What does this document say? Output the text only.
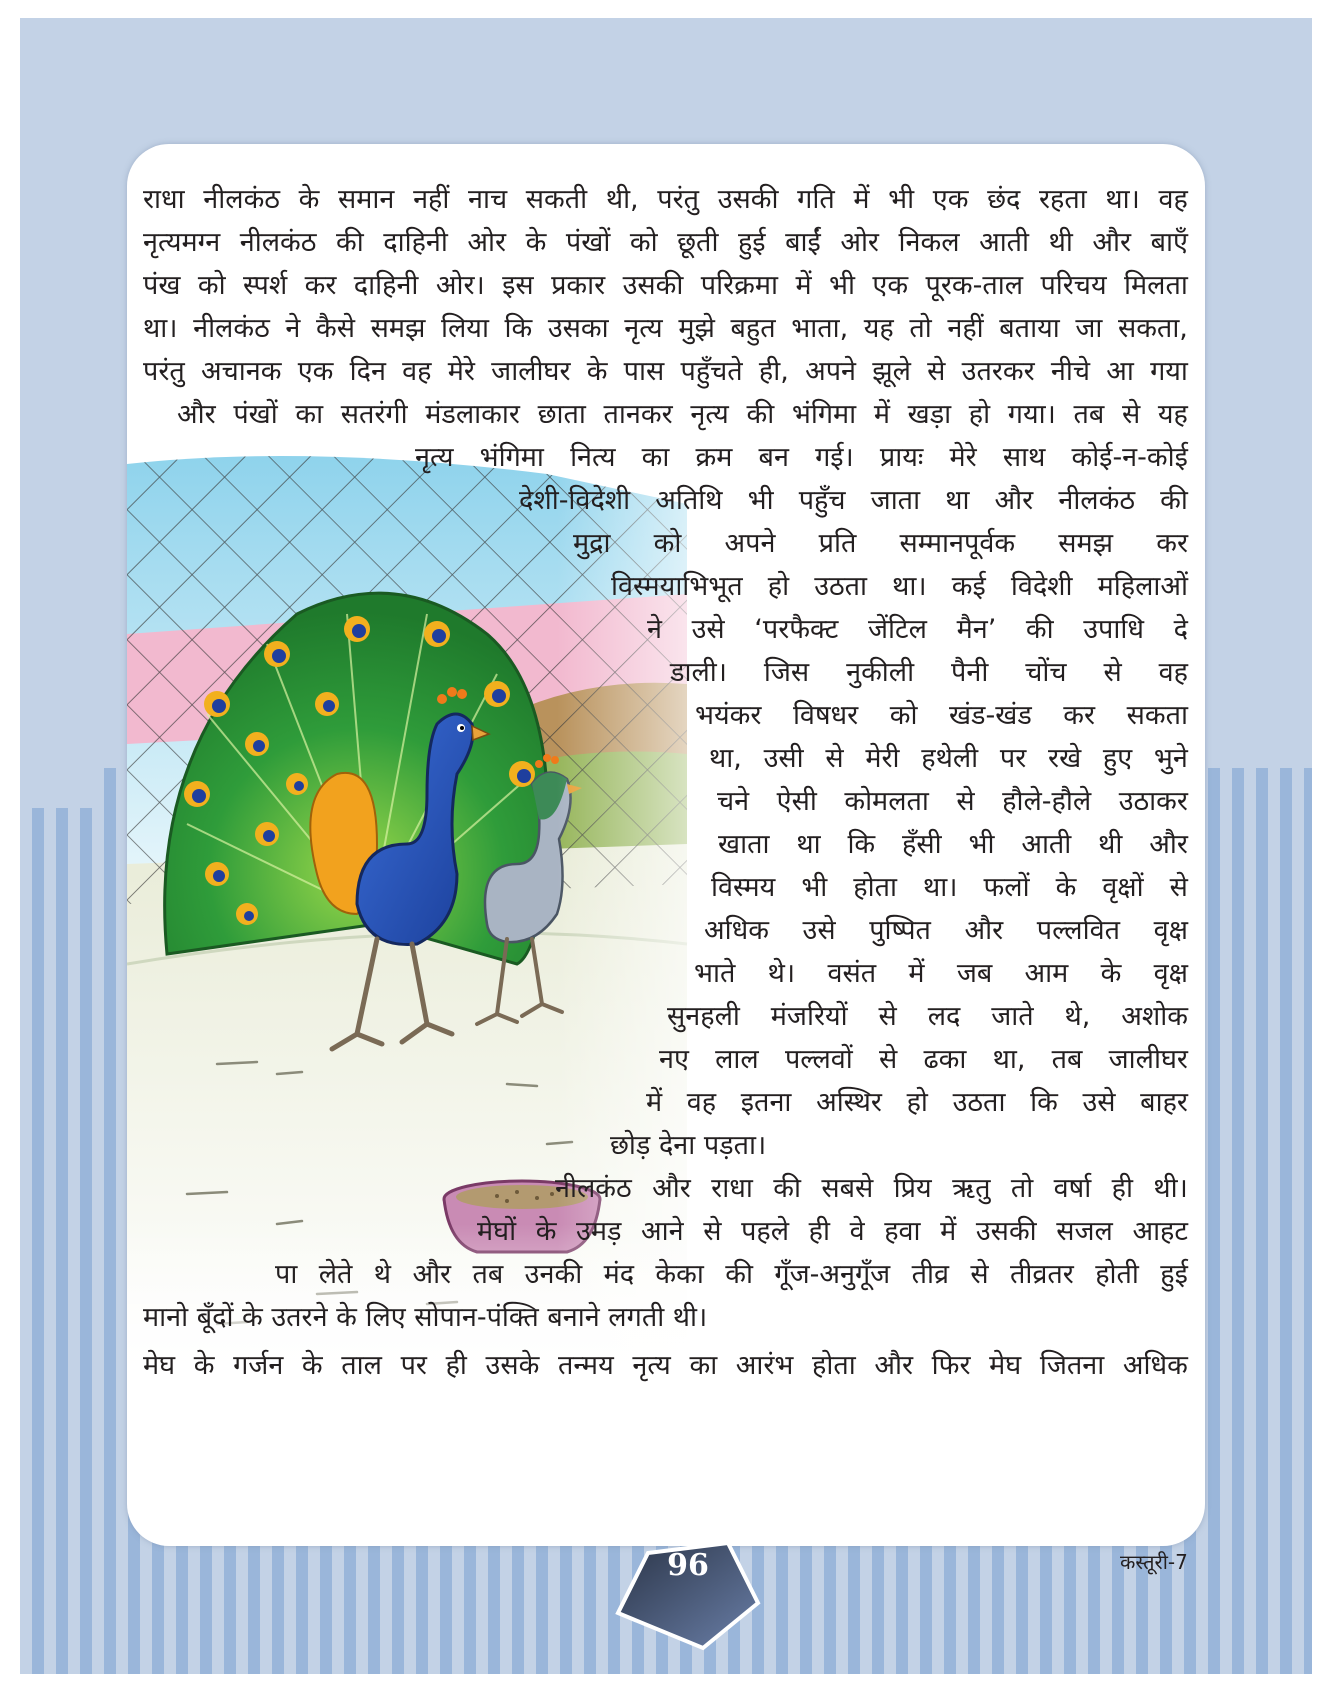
राधा नीलकंठ के समान नहीं नाच सकती थी, परंतु उसकी गति में भी एक छंद रहता था। वह
नृत्यमग्न नीलकंठ की दाहिनी ओर के पंखों को छूती हुई बाईं ओर निकल आती थी और बाएँ
पंख को स्पर्श कर दाहिनी ओर। इस प्रकार उसकी परिक्रमा में भी एक पूरक-ताल परिचय मिलता
था। नीलकंठ ने कैसे समझ लिया कि उसका नृत्य मुझे बहुत भाता, यह तो नहीं बताया जा सकता,
परंतु अचानक एक दिन वह मेरे जालीघर के पास पहुँचते ही, अपने झूले से उतरकर नीचे आ गया
और पंखों का सतरंगी मंडलाकार छाता तानकर नृत्य की भंगिमा में खड़ा हो गया। तब से यह
नृत्य भंगिमा नित्य का क्रम बन गई। प्रायः मेरे साथ कोई-न-कोई
देशी-विदेशी अतिथि भी पहुँच जाता था और नीलकंठ की
मुद्रा को अपने प्रति सम्मानपूर्वक समझ कर
विस्मयाभिभूत हो उठता था। कई विदेशी महिलाओं
ने उसे ‘परफैक्ट जेंटिल मैन’ की उपाधि दे
डाली। जिस नुकीली पैनी चोंच से वह
भयंकर विषधर को खंड-खंड कर सकता
था, उसी से मेरी हथेली पर रखे हुए भुने
चने ऐसी कोमलता से हौले-हौले उठाकर
खाता था कि हँसी भी आती थी और
विस्मय भी होता था। फलों के वृक्षों से
अधिक उसे पुष्पित और पल्लवित वृक्ष
भाते थे। वसंत में जब आम के वृक्ष
सुनहली मंजरियों से लद जाते थे, अशोक
नए लाल पल्लवों से ढका था, तब जालीघर
में वह इतना अस्थिर हो उठता कि उसे बाहर
छोड़ देना पड़ता।
नीलकंठ और राधा की सबसे प्रिय ऋतु तो वर्षा ही थी।
मेघों के उमड़ आने से पहले ही वे हवा में उसकी सजल आहट
पा लेते थे और तब उनकी मंद केका की गूँज-अनुगूँज तीव्र से तीव्रतर होती हुई
मानो बूँदों के उतरने के लिए सोपान-पंक्ति बनाने लगती थी।
मेघ के गर्जन के ताल पर ही उसके तन्मय नृत्य का आरंभ होता और फिर मेघ जितना अधिक
96	कस्तूरी-7
